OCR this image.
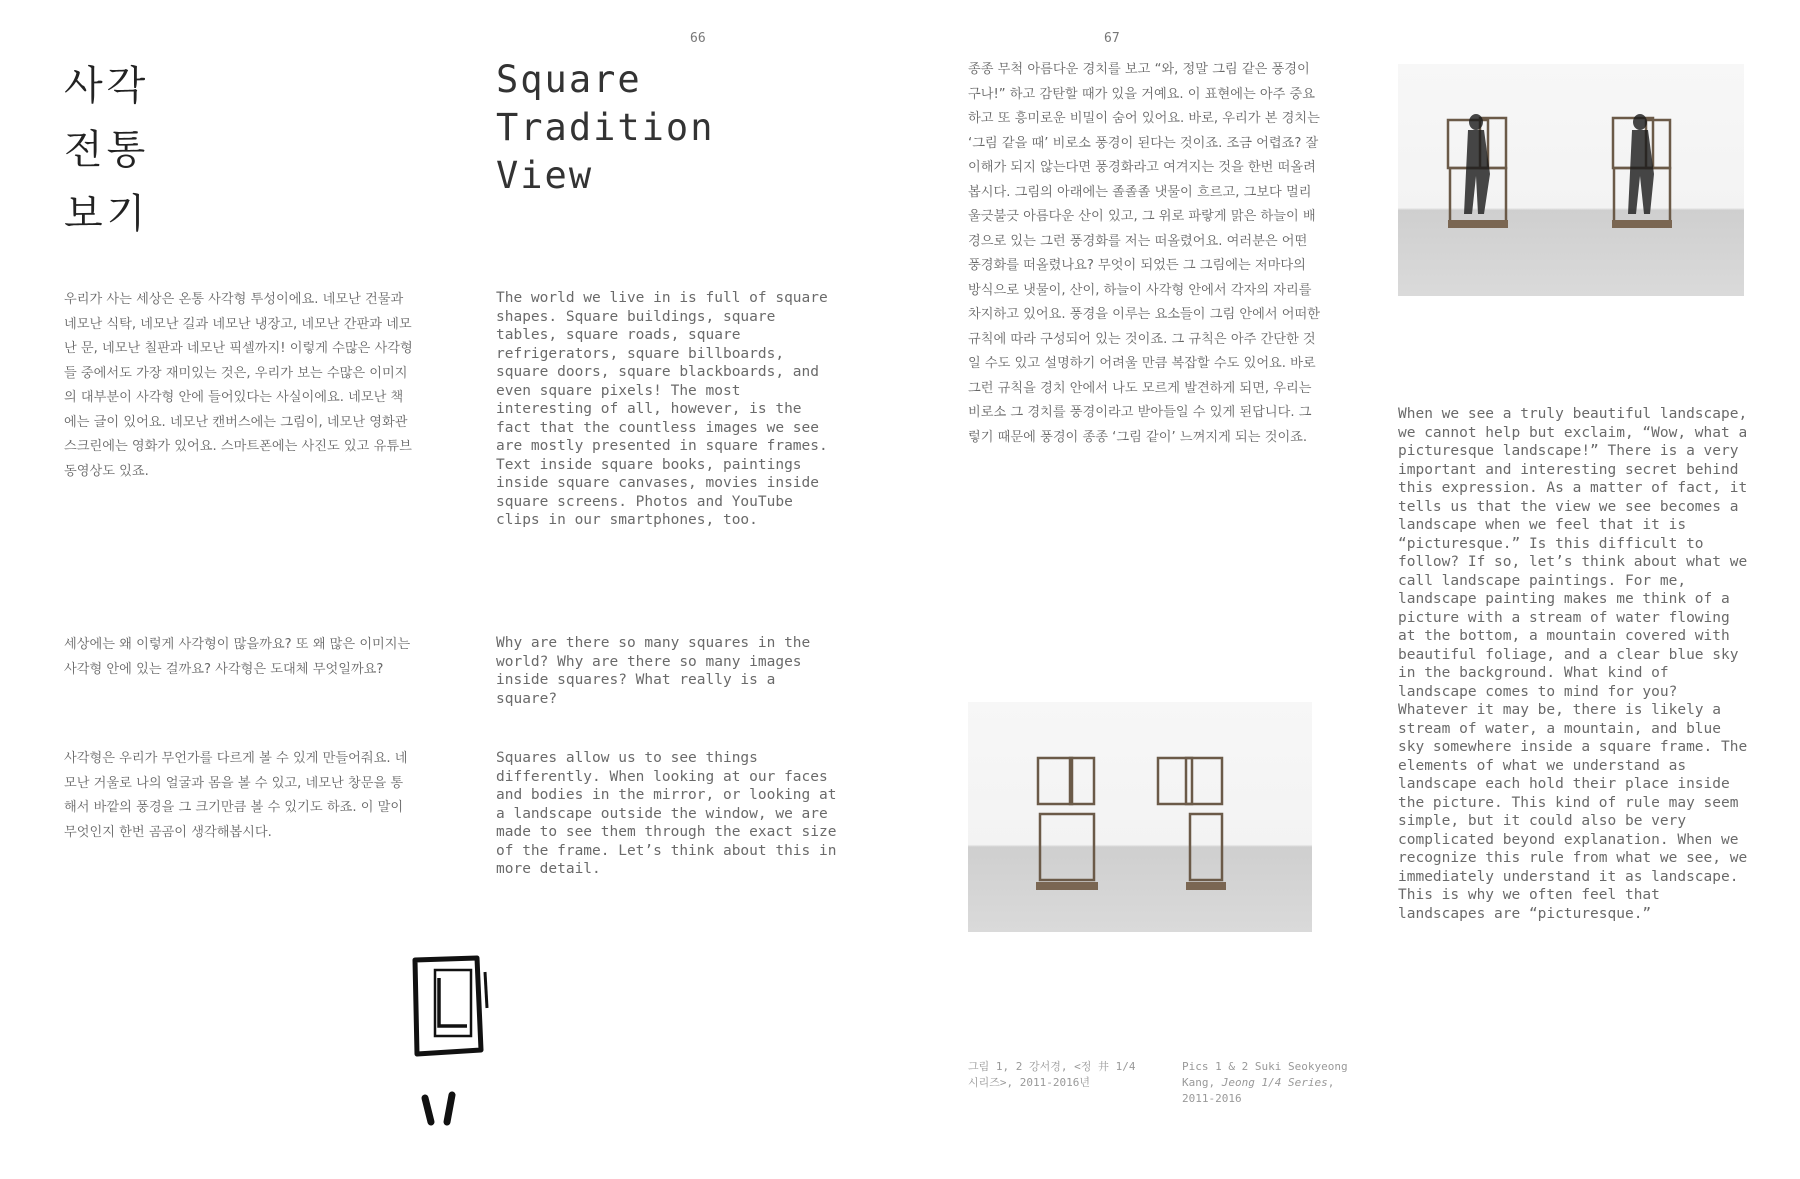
66	67
사각
전통
보기
Square
Tradition
View
우리가 사는 세상은 온통 사각형 투성이에요. 네모난 건물과 네모난 식탁, 네모난 길과 네모난 냉장고, 네모난 간판과 네모난 문, 네모난 칠판과 네모난 픽셀까지! 이렇게 수많은 사각형들 중에서도 가장 재미있는 것은, 우리가 보는 수많은 이미지의 대부분이 사각형 안에 들어있다는 사실이에요. 네모난 책에는 글이 있어요. 네모난 캔버스에는 그림이, 네모난 영화관 스크린에는 영화가 있어요. 스마트폰에는 사진도 있고 유튜브 동영상도 있죠.
세상에는 왜 이렇게 사각형이 많을까요? 또 왜 많은 이미지는 사각형 안에 있는 걸까요? 사각형은 도대체 무엇일까요?
사각형은 우리가 무언가를 다르게 볼 수 있게 만들어줘요. 네모난 거울로 나의 얼굴과 몸을 볼 수 있고, 네모난 창문을 통해서 바깥의 풍경을 그 크기만큼 볼 수 있기도 하죠. 이 말이 무엇인지 한번 곰곰이 생각해봅시다.
The world we live in is full of square shapes. Square buildings, square tables, square roads, square refrigerators, square billboards, square doors, square blackboards, and even square pixels! The most interesting of all, however, is the fact that the countless images we see are mostly presented in square frames. Text inside square books, paintings inside square canvases, movies inside square screens. Photos and YouTube clips in our smartphones, too.
Why are there so many squares in the world? Why are there so many images inside squares? What really is a square?
Squares allow us to see things differently. When looking at our faces and bodies in the mirror, or looking at a landscape outside the window, we are made to see them through the exact size of the frame. Let’s think about this in more detail.
종종 무척 아름다운 경치를 보고 “와, 정말 그림 같은 풍경이구나!” 하고 감탄할 때가 있을 거예요. 이 표현에는 아주 중요하고 또 흥미로운 비밀이 숨어 있어요. 바로, 우리가 본 경치는 ‘그림 같을 때’ 비로소 풍경이 된다는 것이죠. 조금 어렵죠? 잘 이해가 되지 않는다면 풍경화라고 여겨지는 것을 한번 떠올려 봅시다. 그림의 아래에는 졸졸졸 냇물이 흐르고, 그보다 멀리 울긋불긋 아름다운 산이 있고, 그 위로 파랗게 맑은 하늘이 배경으로 있는 그런 풍경화를 저는 떠올렸어요. 여러분은 어떤 풍경화를 떠올렸나요? 무엇이 되었든 그 그림에는 저마다의 방식으로 냇물이, 산이, 하늘이 사각형 안에서 각자의 자리를 차지하고 있어요. 풍경을 이루는 요소들이 그림 안에서 어떠한 규칙에 따라 구성되어 있는 것이죠. 그 규칙은 아주 간단한 것일 수도 있고 설명하기 어려울 만큼 복잡할 수도 있어요. 바로 그런 규칙을 경치 안에서 나도 모르게 발견하게 되면, 우리는 비로소 그 경치를 풍경이라고 받아들일 수 있게 된답니다. 그렇기 때문에 풍경이 종종 ‘그림 같이’ 느껴지게 되는 것이죠.
When we see a truly beautiful landscape, we cannot help but exclaim, “Wow, what a picturesque landscape!” There is a very important and interesting secret behind this expression. As a matter of fact, it tells us that the view we see becomes a landscape when we feel that it is “picturesque.” Is this difficult to follow? If so, let’s think about what we call landscape paintings. For me, landscape painting makes me think of a picture with a stream of water flowing at the bottom, a mountain covered with beautiful foliage, and a clear blue sky in the background. What kind of landscape comes to mind for you? Whatever it may be, there is likely a stream of water, a mountain, and blue sky somewhere inside a square frame. The elements of what we understand as landscape each hold their place inside the picture. This kind of rule may seem simple, but it could also be very complicated beyond explanation. When we recognize this rule from what we see, we immediately understand it as landscape. This is why we often feel that landscapes are “picturesque.”
그림 1, 2 강서경, <정 井 1/4
시리즈>, 2011-2016년
Pics 1 & 2 Suki Seokyeong
Kang, Jeong 1/4 Series,
2011-2016
